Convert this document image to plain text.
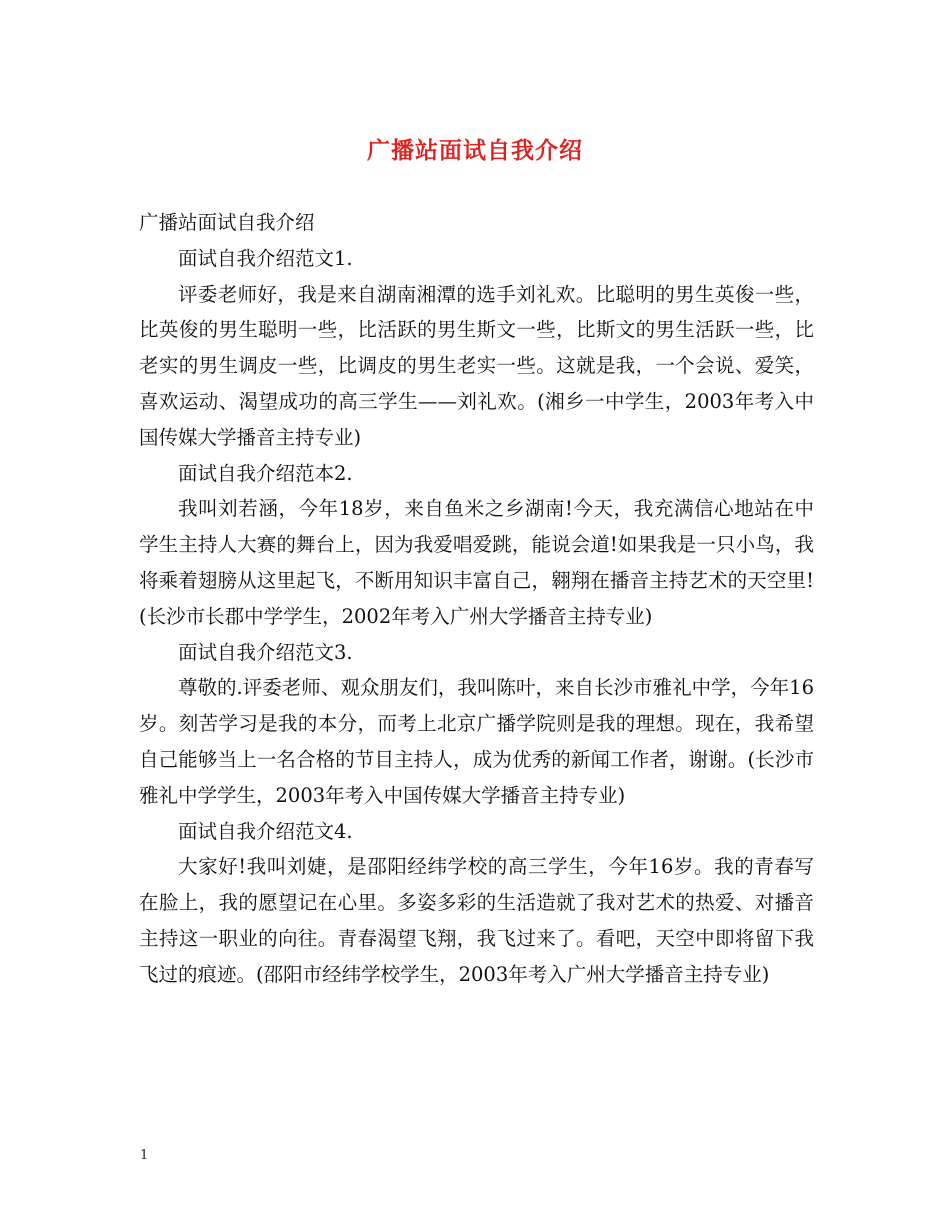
广播站面试自我介绍

广播站面试自我介绍

面试自我介绍范文1.

评委老师好，我是来自湖南湘潭的选手刘礼欢。比聪明的男生英俊一些，比英俊的男生聪明一些，比活跃的男生斯文一些，比斯文的男生活跃一些，比老实的男生调皮一些，比调皮的男生老实一些。这就是我，一个会说、爱笑，喜欢运动、渴望成功的高三学生——刘礼欢。(湘乡一中学生，2003年考入中国传媒大学播音主持专业)

面试自我介绍范本2.

我叫刘若涵，今年18岁，来自鱼米之乡湖南!今天，我充满信心地站在中学生主持人大赛的舞台上，因为我爱唱爱跳，能说会道!如果我是一只小鸟，我将乘着翅膀从这里起飞，不断用知识丰富自己，翱翔在播音主持艺术的天空里!(长沙市长郡中学学生，2002年考入广州大学播音主持专业)

面试自我介绍范文3.

尊敬的.评委老师、观众朋友们，我叫陈叶，来自长沙市雅礼中学，今年16岁。刻苦学习是我的本分，而考上北京广播学院则是我的理想。现在，我希望自己能够当上一名合格的节目主持人，成为优秀的新闻工作者，谢谢。(长沙市雅礼中学学生，2003年考入中国传媒大学播音主持专业)

面试自我介绍范文4.

大家好!我叫刘婕，是邵阳经纬学校的高三学生，今年16岁。我的青春写在脸上，我的愿望记在心里。多姿多彩的生活造就了我对艺术的热爱、对播音主持这一职业的向往。青春渴望飞翔，我飞过来了。看吧，天空中即将留下我飞过的痕迹。(邵阳市经纬学校学生，2003年考入广州大学播音主持专业)

1
